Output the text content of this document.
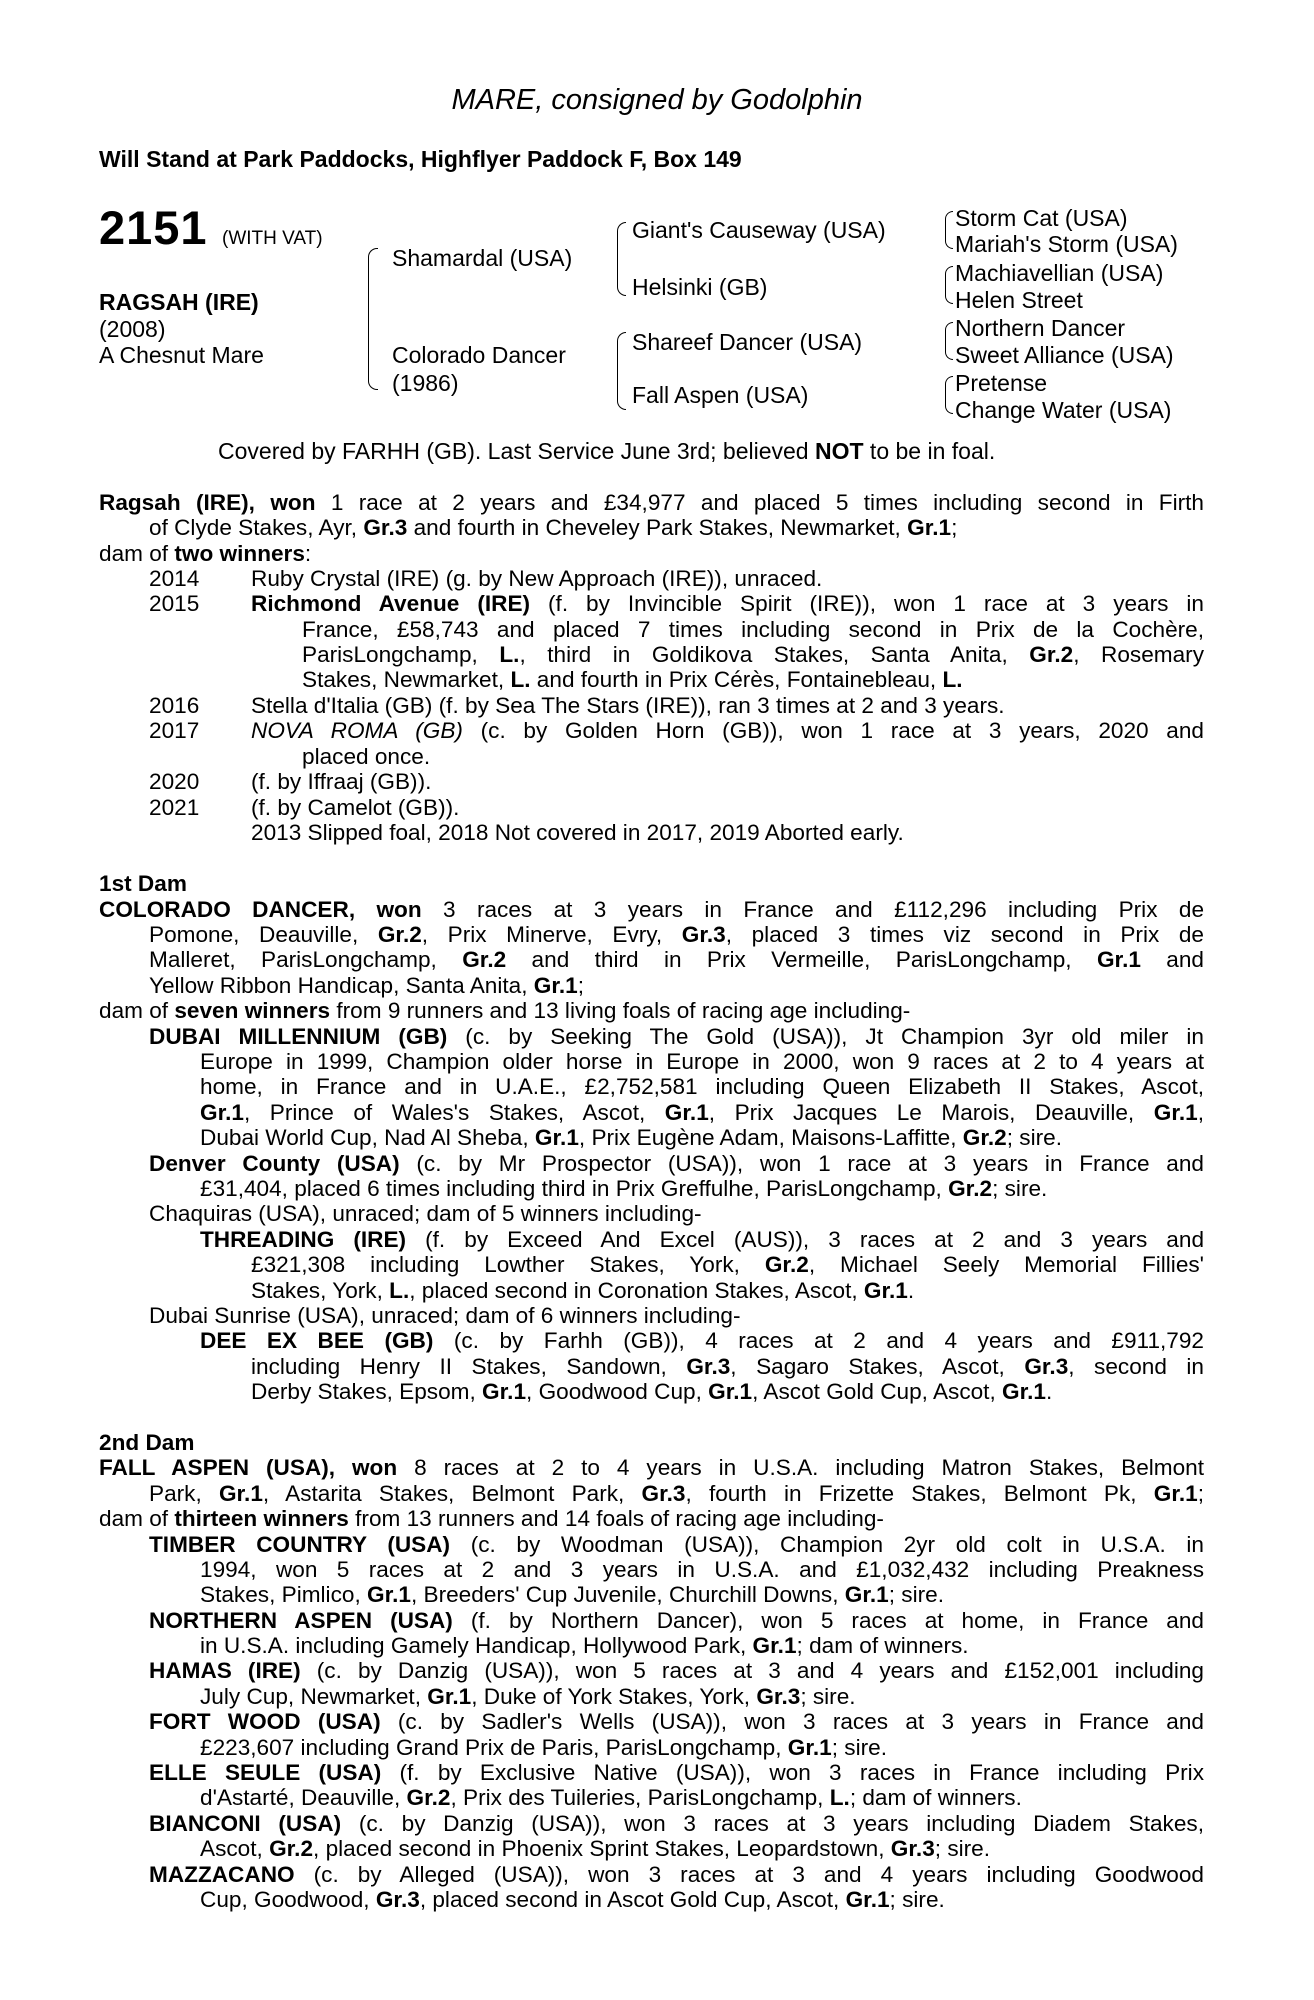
MARE, consigned by Godolphin
Will Stand at Park Paddocks, Highflyer Paddock F, Box 149
2151 (WITH VAT)
RAGSAH (IRE)
(2008)
A Chesnut Mare
Shamardal (USA)
Colorado Dancer
(1986)
Giant's Causeway (USA)
Helsinki (GB)
Shareef Dancer (USA)
Fall Aspen (USA)
Storm Cat (USA)
Mariah's Storm (USA)
Machiavellian (USA)
Helen Street
Northern Dancer
Sweet Alliance (USA)
Pretense
Change Water (USA)
Covered by FARHH (GB). Last Service June 3rd; believed NOT to be in foal.
Ragsah (IRE), won 1 race at 2 years and £34,977 and placed 5 times including second in Firth
of Clyde Stakes, Ayr, Gr.3 and fourth in Cheveley Park Stakes, Newmarket, Gr.1;
dam of two winners:
2014 Ruby Crystal (IRE) (g. by New Approach (IRE)), unraced.
2015 Richmond Avenue (IRE) (f. by Invincible Spirit (IRE)), won 1 race at 3 years in
France, £58,743 and placed 7 times including second in Prix de la Cochère,
ParisLongchamp, L., third in Goldikova Stakes, Santa Anita, Gr.2, Rosemary
Stakes, Newmarket, L. and fourth in Prix Cérès, Fontainebleau, L.
2016 Stella d'Italia (GB) (f. by Sea The Stars (IRE)), ran 3 times at 2 and 3 years.
2017 NOVA ROMA (GB) (c. by Golden Horn (GB)), won 1 race at 3 years, 2020 and
placed once.
2020 (f. by Iffraaj (GB)).
2021 (f. by Camelot (GB)).
2013 Slipped foal, 2018 Not covered in 2017, 2019 Aborted early.
1st Dam
COLORADO DANCER, won 3 races at 3 years in France and £112,296 including Prix de
Pomone, Deauville, Gr.2, Prix Minerve, Evry, Gr.3, placed 3 times viz second in Prix de
Malleret, ParisLongchamp, Gr.2 and third in Prix Vermeille, ParisLongchamp, Gr.1 and
Yellow Ribbon Handicap, Santa Anita, Gr.1;
dam of seven winners from 9 runners and 13 living foals of racing age including-
DUBAI MILLENNIUM (GB) (c. by Seeking The Gold (USA)), Jt Champion 3yr old miler in
Europe in 1999, Champion older horse in Europe in 2000, won 9 races at 2 to 4 years at
home, in France and in U.A.E., £2,752,581 including Queen Elizabeth II Stakes, Ascot,
Gr.1, Prince of Wales's Stakes, Ascot, Gr.1, Prix Jacques Le Marois, Deauville, Gr.1,
Dubai World Cup, Nad Al Sheba, Gr.1, Prix Eugène Adam, Maisons-Laffitte, Gr.2; sire.
Denver County (USA) (c. by Mr Prospector (USA)), won 1 race at 3 years in France and
£31,404, placed 6 times including third in Prix Greffulhe, ParisLongchamp, Gr.2; sire.
Chaquiras (USA), unraced; dam of 5 winners including-
THREADING (IRE) (f. by Exceed And Excel (AUS)), 3 races at 2 and 3 years and
£321,308 including Lowther Stakes, York, Gr.2, Michael Seely Memorial Fillies'
Stakes, York, L., placed second in Coronation Stakes, Ascot, Gr.1.
Dubai Sunrise (USA), unraced; dam of 6 winners including-
DEE EX BEE (GB) (c. by Farhh (GB)), 4 races at 2 and 4 years and £911,792
including Henry II Stakes, Sandown, Gr.3, Sagaro Stakes, Ascot, Gr.3, second in
Derby Stakes, Epsom, Gr.1, Goodwood Cup, Gr.1, Ascot Gold Cup, Ascot, Gr.1.
2nd Dam
FALL ASPEN (USA), won 8 races at 2 to 4 years in U.S.A. including Matron Stakes, Belmont
Park, Gr.1, Astarita Stakes, Belmont Park, Gr.3, fourth in Frizette Stakes, Belmont Pk, Gr.1;
dam of thirteen winners from 13 runners and 14 foals of racing age including-
TIMBER COUNTRY (USA) (c. by Woodman (USA)), Champion 2yr old colt in U.S.A. in
1994, won 5 races at 2 and 3 years in U.S.A. and £1,032,432 including Preakness
Stakes, Pimlico, Gr.1, Breeders' Cup Juvenile, Churchill Downs, Gr.1; sire.
NORTHERN ASPEN (USA) (f. by Northern Dancer), won 5 races at home, in France and
in U.S.A. including Gamely Handicap, Hollywood Park, Gr.1; dam of winners.
HAMAS (IRE) (c. by Danzig (USA)), won 5 races at 3 and 4 years and £152,001 including
July Cup, Newmarket, Gr.1, Duke of York Stakes, York, Gr.3; sire.
FORT WOOD (USA) (c. by Sadler's Wells (USA)), won 3 races at 3 years in France and
£223,607 including Grand Prix de Paris, ParisLongchamp, Gr.1; sire.
ELLE SEULE (USA) (f. by Exclusive Native (USA)), won 3 races in France including Prix
d'Astarté, Deauville, Gr.2, Prix des Tuileries, ParisLongchamp, L.; dam of winners.
BIANCONI (USA) (c. by Danzig (USA)), won 3 races at 3 years including Diadem Stakes,
Ascot, Gr.2, placed second in Phoenix Sprint Stakes, Leopardstown, Gr.3; sire.
MAZZACANO (c. by Alleged (USA)), won 3 races at 3 and 4 years including Goodwood
Cup, Goodwood, Gr.3, placed second in Ascot Gold Cup, Ascot, Gr.1; sire.
